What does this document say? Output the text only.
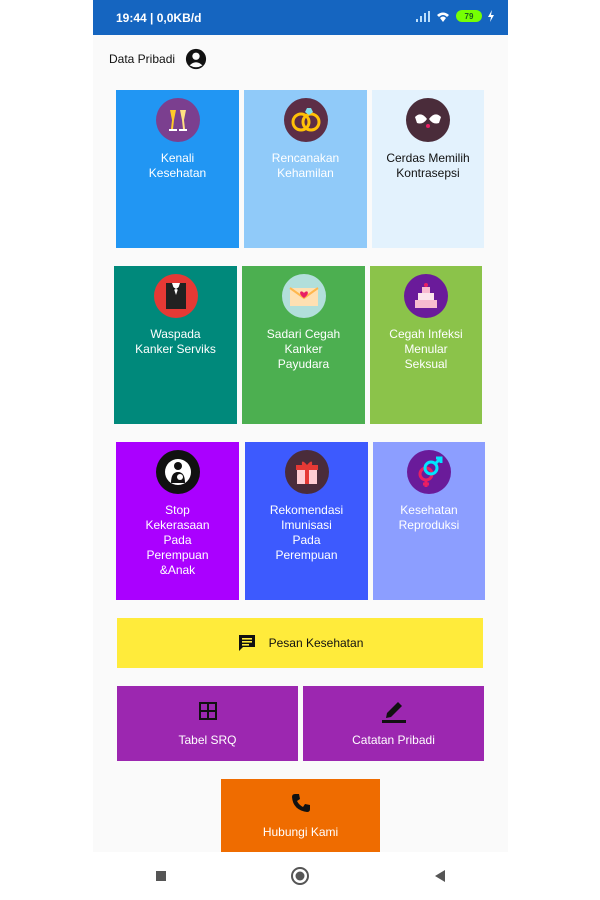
19:44 | 0,0KB/d	79
Data Pribadi
Kenali
Kesehatan
Rencanakan
Kehamilan
Cerdas Memilih
Kontrasepsi
Waspada
Kanker Serviks
Sadari Cegah
Kanker
Payudara
Cegah Infeksi
Menular
Seksual
Stop
Kekerasaan
Pada
Perempuan
&Anak
Rekomendasi
Imunisasi
Pada
Perempuan
Kesehatan
Reproduksi
Pesan Kesehatan
Tabel SRQ	Catatan Pribadi
Hubungi Kami
